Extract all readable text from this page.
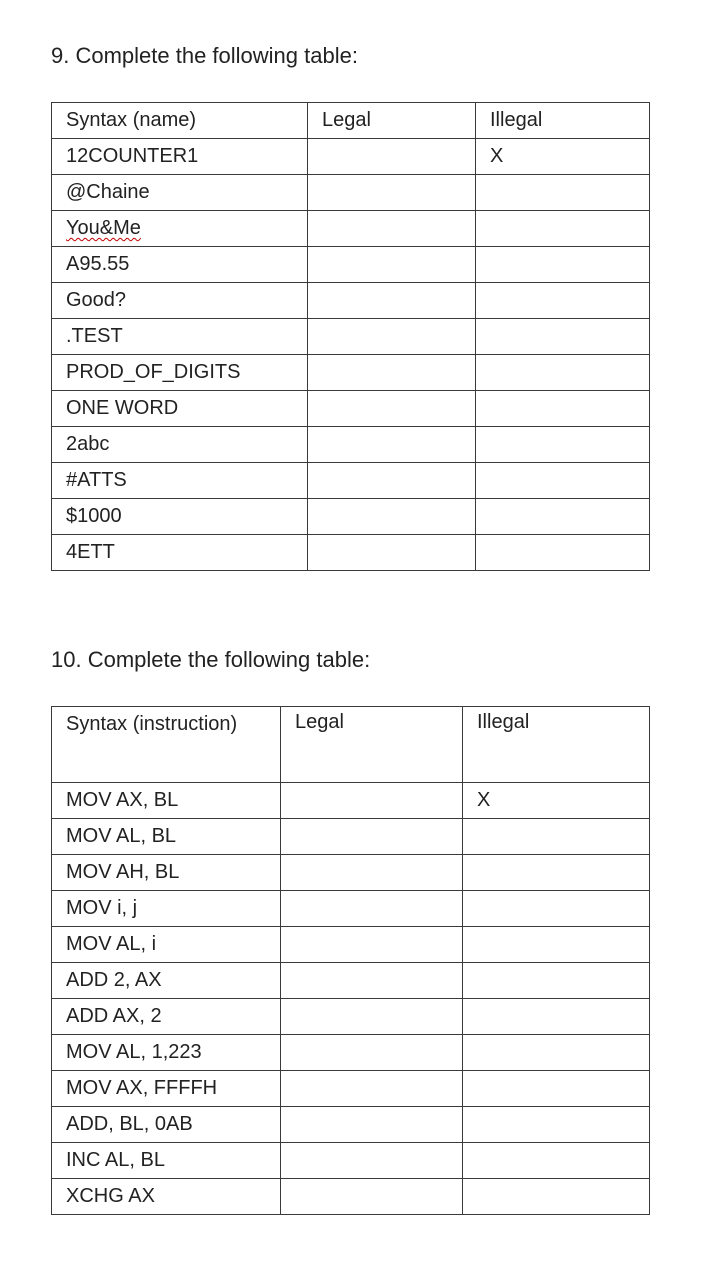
9. Complete the following table:
Syntax (name)	Legal	Illegal
12COUNTER1		X
@Chaine		
You&Me		
A95.55		
Good?		
.TEST		
PROD_OF_DIGITS		
ONE WORD		
2abc		
#ATTS		
$1000		
4ETT		
10. Complete the following table:
Syntax (instruction)	Legal	Illegal
MOV AX, BL		X
MOV AL, BL		
MOV AH, BL		
MOV i, j		
MOV AL, i		
ADD 2, AX		
ADD AX, 2		
MOV AL, 1,223		
MOV AX, FFFFH		
ADD, BL, 0AB		
INC AL, BL		
XCHG AX		
